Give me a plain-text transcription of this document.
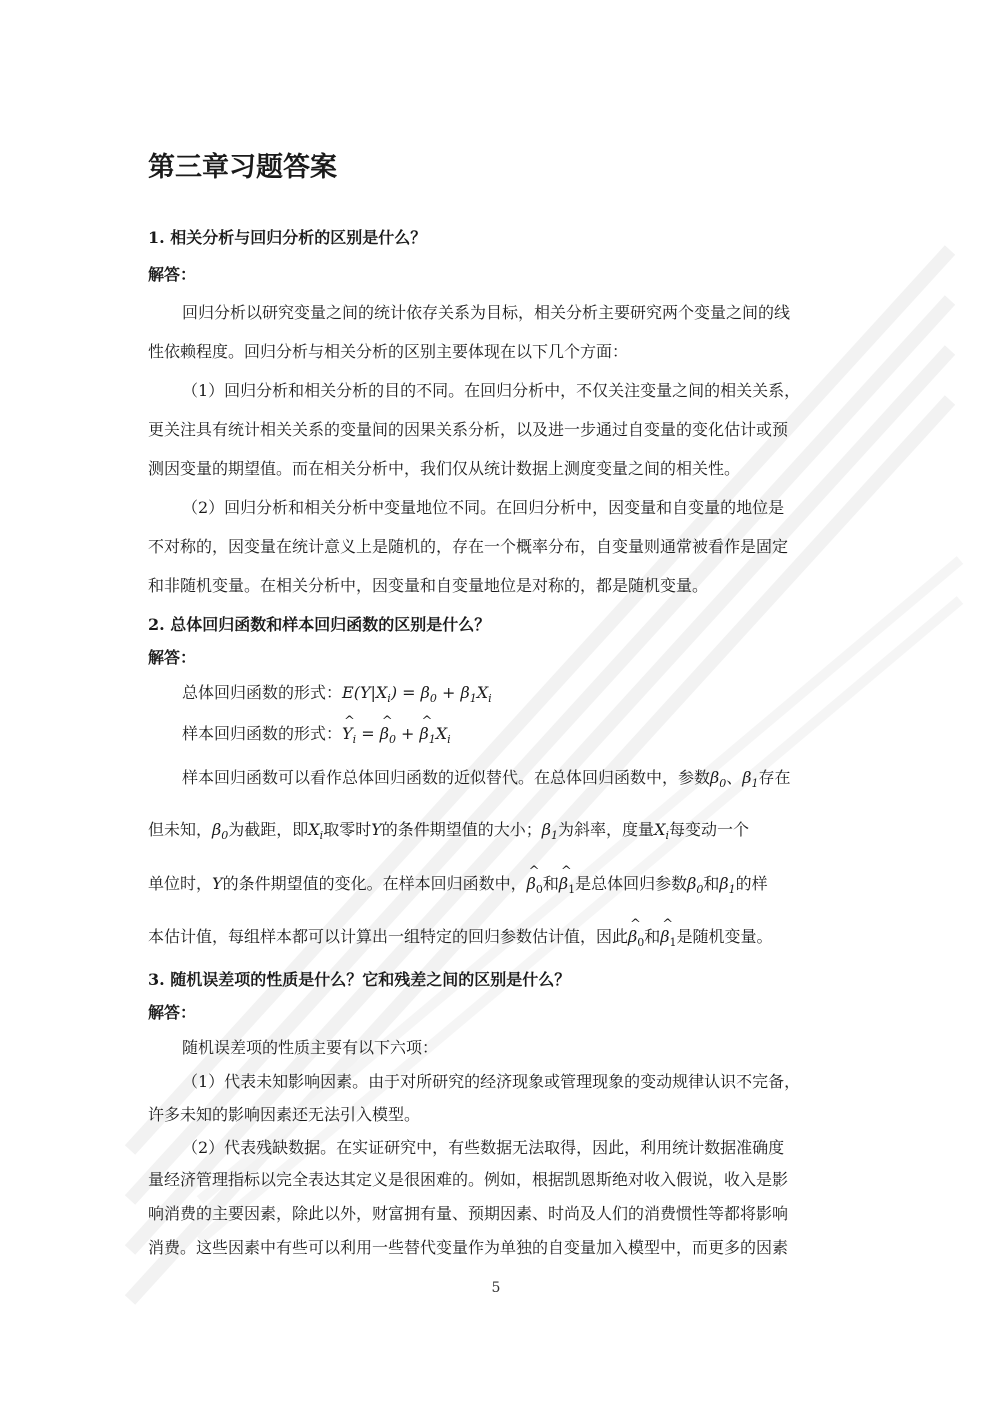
第三章习题答案
1. 相关分析与回归分析的区别是什么？
解答：
回归分析以研究变量之间的统计依存关系为目标，相关分析主要研究两个变量之间的线
性依赖程度。回归分析与相关分析的区别主要体现在以下几个方面：
（1）回归分析和相关分析的目的不同。在回归分析中，不仅关注变量之间的相关关系，
更关注具有统计相关关系的变量间的因果关系分析，以及进一步通过自变量的变化估计或预
测因变量的期望值。而在相关分析中，我们仅从统计数据上测度变量之间的相关性。
（2）回归分析和相关分析中变量地位不同。在回归分析中，因变量和自变量的地位是
不对称的，因变量在统计意义上是随机的，存在一个概率分布，自变量则通常被看作是固定
和非随机变量。在相关分析中，因变量和自变量地位是对称的，都是随机变量。
2. 总体回归函数和样本回归函数的区别是什么？
解答：
总体回归函数的形式：$E(Y|X_i) = \beta_0 + \beta_1X_i$
样本回归函数的形式：^ $Y_i$ = ^ $\beta_0$ + ^ $\beta_1X_i$
样本回归函数可以看作总体回归函数的近似替代。在总体回归函数中，参数$\beta_0$、$\beta_1$存在
但未知，$\beta_0$为截距，即$X_i$取零时Y的条件期望值的大小；$\beta_1$为斜率，度量$X_i$每变动一个
单位时，Y的条件期望值的变化。在样本回归函数中，^ $\beta_0$和^ $\beta_1$是总体回归参数$\beta_0$和$\beta_1$的样
本估计值，每组样本都可以计算出一组特定的回归参数估计值，因此^ $\beta_0$和^ $\beta_1$是随机变量。
3. 随机误差项的性质是什么？它和残差之间的区别是什么？
解答：
随机误差项的性质主要有以下六项：
（1）代表未知影响因素。由于对所研究的经济现象或管理现象的变动规律认识不完备，
许多未知的影响因素还无法引入模型。
（2）代表残缺数据。在实证研究中，有些数据无法取得，因此，利用统计数据准确度
量经济管理指标以完全表达其定义是很困难的。例如，根据凯恩斯绝对收入假说，收入是影
响消费的主要因素，除此以外，财富拥有量、预期因素、时尚及人们的消费惯性等都将影响
消费。这些因素中有些可以利用一些替代变量作为单独的自变量加入模型中，而更多的因素
5
